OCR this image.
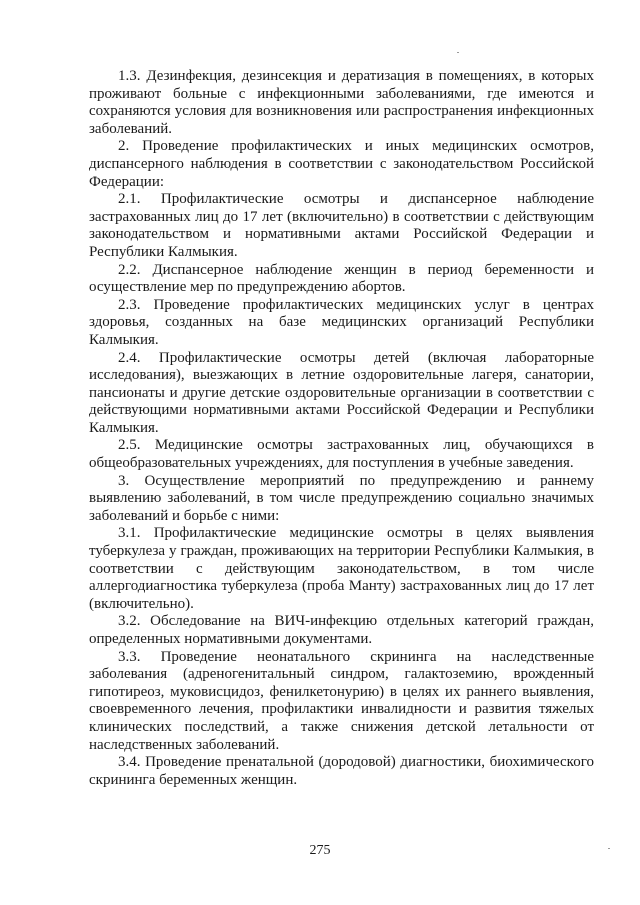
1.3. Дезинфекция, дезинсекция и дератизация в помещениях, в которых проживают больные с инфекционными заболеваниями, где имеются и сохраняются условия для возникновения или распространения инфекционных заболеваний.

2. Проведение профилактических и иных медицинских осмотров, диспансерного наблюдения в соответствии с законодательством Российской Федерации:

2.1. Профилактические осмотры и диспансерное наблюдение застрахованных лиц до 17 лет (включительно) в соответствии с действующим законодательством и нормативными актами Российской Федерации и Республики Калмыкия.

2.2. Диспансерное наблюдение женщин в период беременности и осуществление мер по предупреждению абортов.

2.3. Проведение профилактических медицинских услуг в центрах здоровья, созданных на базе медицинских организаций Республики Калмыкия.

2.4. Профилактические осмотры детей (включая лабораторные исследования), выезжающих в летние оздоровительные лагеря, санатории, пансионаты и другие детские оздоровительные организации в соответствии с действующими нормативными актами Российской Федерации и Республики Калмыкия.

2.5. Медицинские осмотры застрахованных лиц, обучающихся в общеобразовательных учреждениях, для поступления в учебные заведения.

3. Осуществление мероприятий по предупреждению и раннему выявлению заболеваний, в том числе предупреждению социально значимых заболеваний и борьбе с ними:

3.1. Профилактические медицинские осмотры в целях выявления туберкулеза у граждан, проживающих на территории Республики Калмыкия, в соответствии с действующим законодательством, в том числе аллергодиагностика туберкулеза (проба Манту) застрахованных лиц до 17 лет (включительно).

3.2. Обследование на ВИЧ-инфекцию отдельных категорий граждан, определенных нормативными документами.

3.3. Проведение неонатального скрининга на наследственные заболевания (адреногенитальный синдром, галактоземию, врожденный гипотиреоз, муковисцидоз, фенилкетонурию) в целях их раннего выявления, своевременного лечения, профилактики инвалидности и развития тяжелых клинических последствий, а также снижения детской летальности от наследственных заболеваний.

3.4. Проведение пренатальной (дородовой) диагностики, биохимического скрининга беременных женщин.

275
